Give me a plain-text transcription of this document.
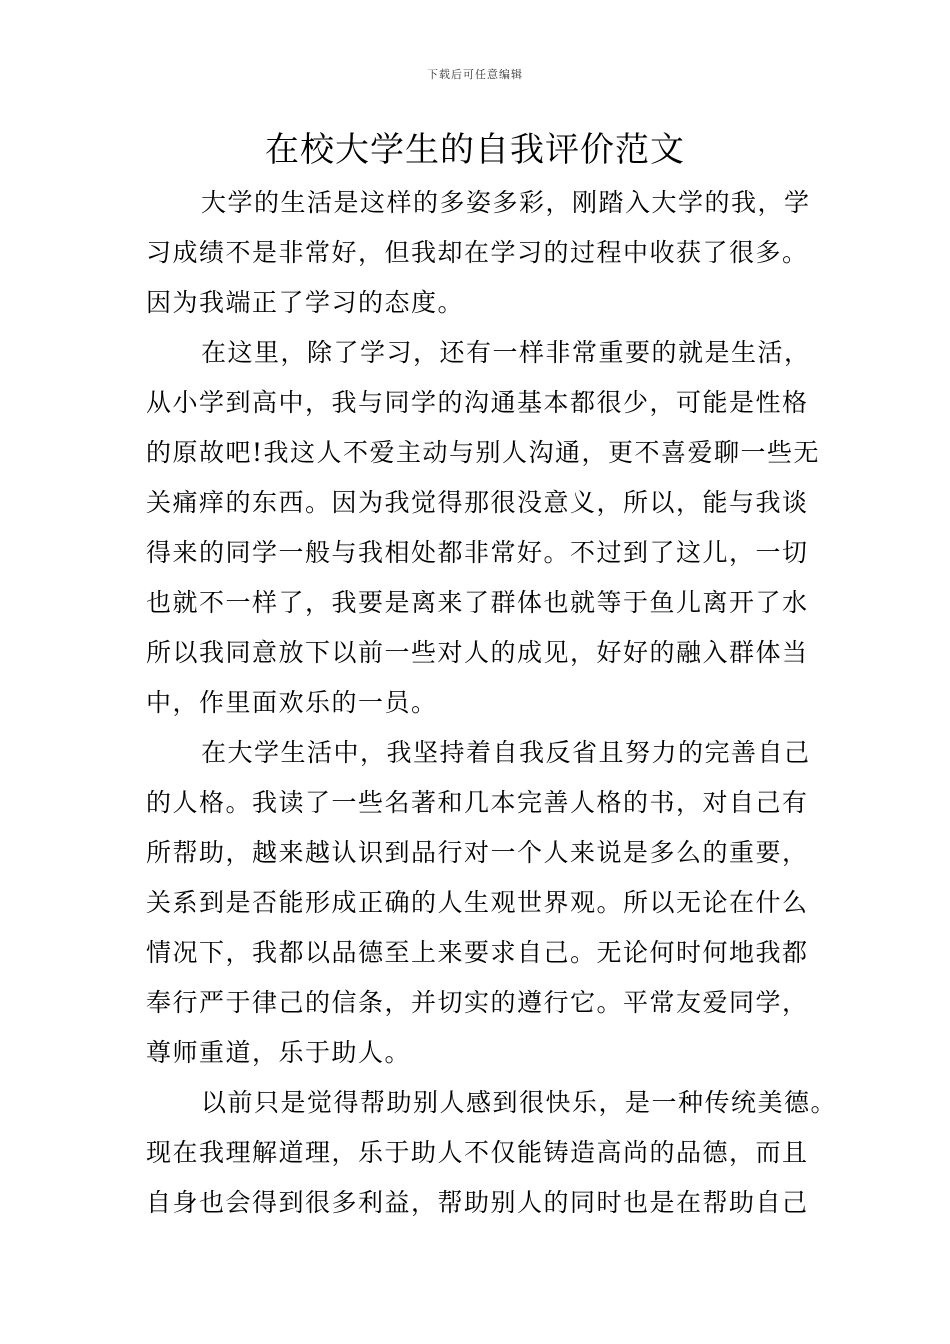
下载后可任意编辑
在校大学生的自我评价范文
大学的生活是这样的多姿多彩，刚踏入大学的我，学
习成绩不是非常好，但我却在学习的过程中收获了很多。
因为我端正了学习的态度。
在这里，除了学习，还有一样非常重要的就是生活，
从小学到高中，我与同学的沟通基本都很少，可能是性格
的原故吧!我这人不爱主动与别人沟通，更不喜爱聊一些无
关痛痒的东西。因为我觉得那很没意义，所以，能与我谈
得来的同学一般与我相处都非常好。不过到了这儿，一切
也就不一样了，我要是离来了群体也就等于鱼儿离开了水
所以我同意放下以前一些对人的成见，好好的融入群体当
中，作里面欢乐的一员。
在大学生活中，我坚持着自我反省且努力的完善自己
的人格。我读了一些名著和几本完善人格的书，对自己有
所帮助，越来越认识到品行对一个人来说是多么的重要，
关系到是否能形成正确的人生观世界观。所以无论在什么
情况下，我都以品德至上来要求自己。无论何时何地我都
奉行严于律己的信条，并切实的遵行它。平常友爱同学，
尊师重道，乐于助人。
以前只是觉得帮助别人感到很快乐，是一种传统美德。
现在我理解道理，乐于助人不仅能铸造高尚的品德，而且
自身也会得到很多利益，帮助别人的同时也是在帮助自己
